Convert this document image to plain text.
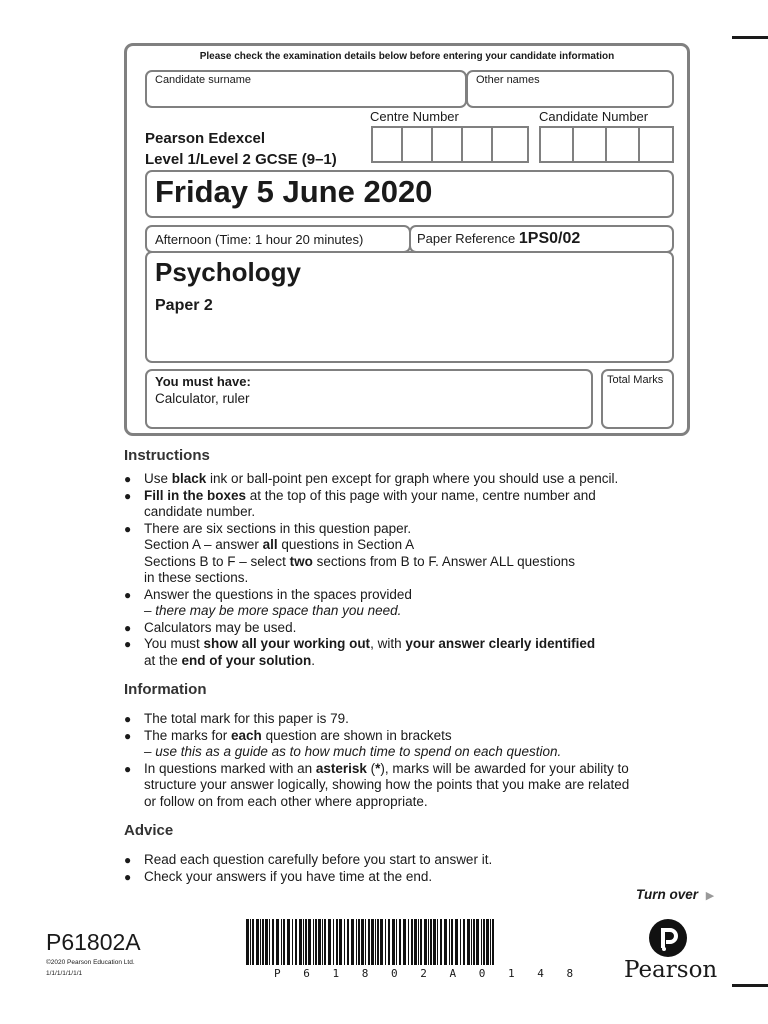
Please check the examination details below before entering your candidate information
Candidate surname	Other names
Pearson Edexcel
Level 1/Level 2 GCSE (9–1)
Centre Number	Candidate Number
Friday 5 June 2020
Afternoon (Time: 1 hour 20 minutes)	Paper Reference 1PS0/02
Psychology
Paper 2
You must have:
Calculator, ruler
Total Marks
Instructions
● Use black ink or ball-point pen except for graph where you should use a pencil.
● Fill in the boxes at the top of this page with your name, centre number and
candidate number.
● There are six sections in this question paper.
Section A – answer all questions in Section A
Sections B to F – select two sections from B to F. Answer ALL questions
in these sections.
● Answer the questions in the spaces provided
– there may be more space than you need.
● Calculators may be used.
● You must show all your working out, with your answer clearly identified
at the end of your solution.
Information
● The total mark for this paper is 79.
● The marks for each question are shown in brackets
– use this as a guide as to how much time to spend on each question.
● In questions marked with an asterisk (*), marks will be awarded for your ability to
structure your answer logically, showing how the points that you make are related
or follow on from each other where appropriate.
Advice
● Read each question carefully before you start to answer it.
● Check your answers if you have time at the end.
Turn over ▶
P61802A
©2020 Pearson Education Ltd.
1/1/1/1/1/1/1	P 6 1 8 0 2 A 0 1 4 8 Pearson
